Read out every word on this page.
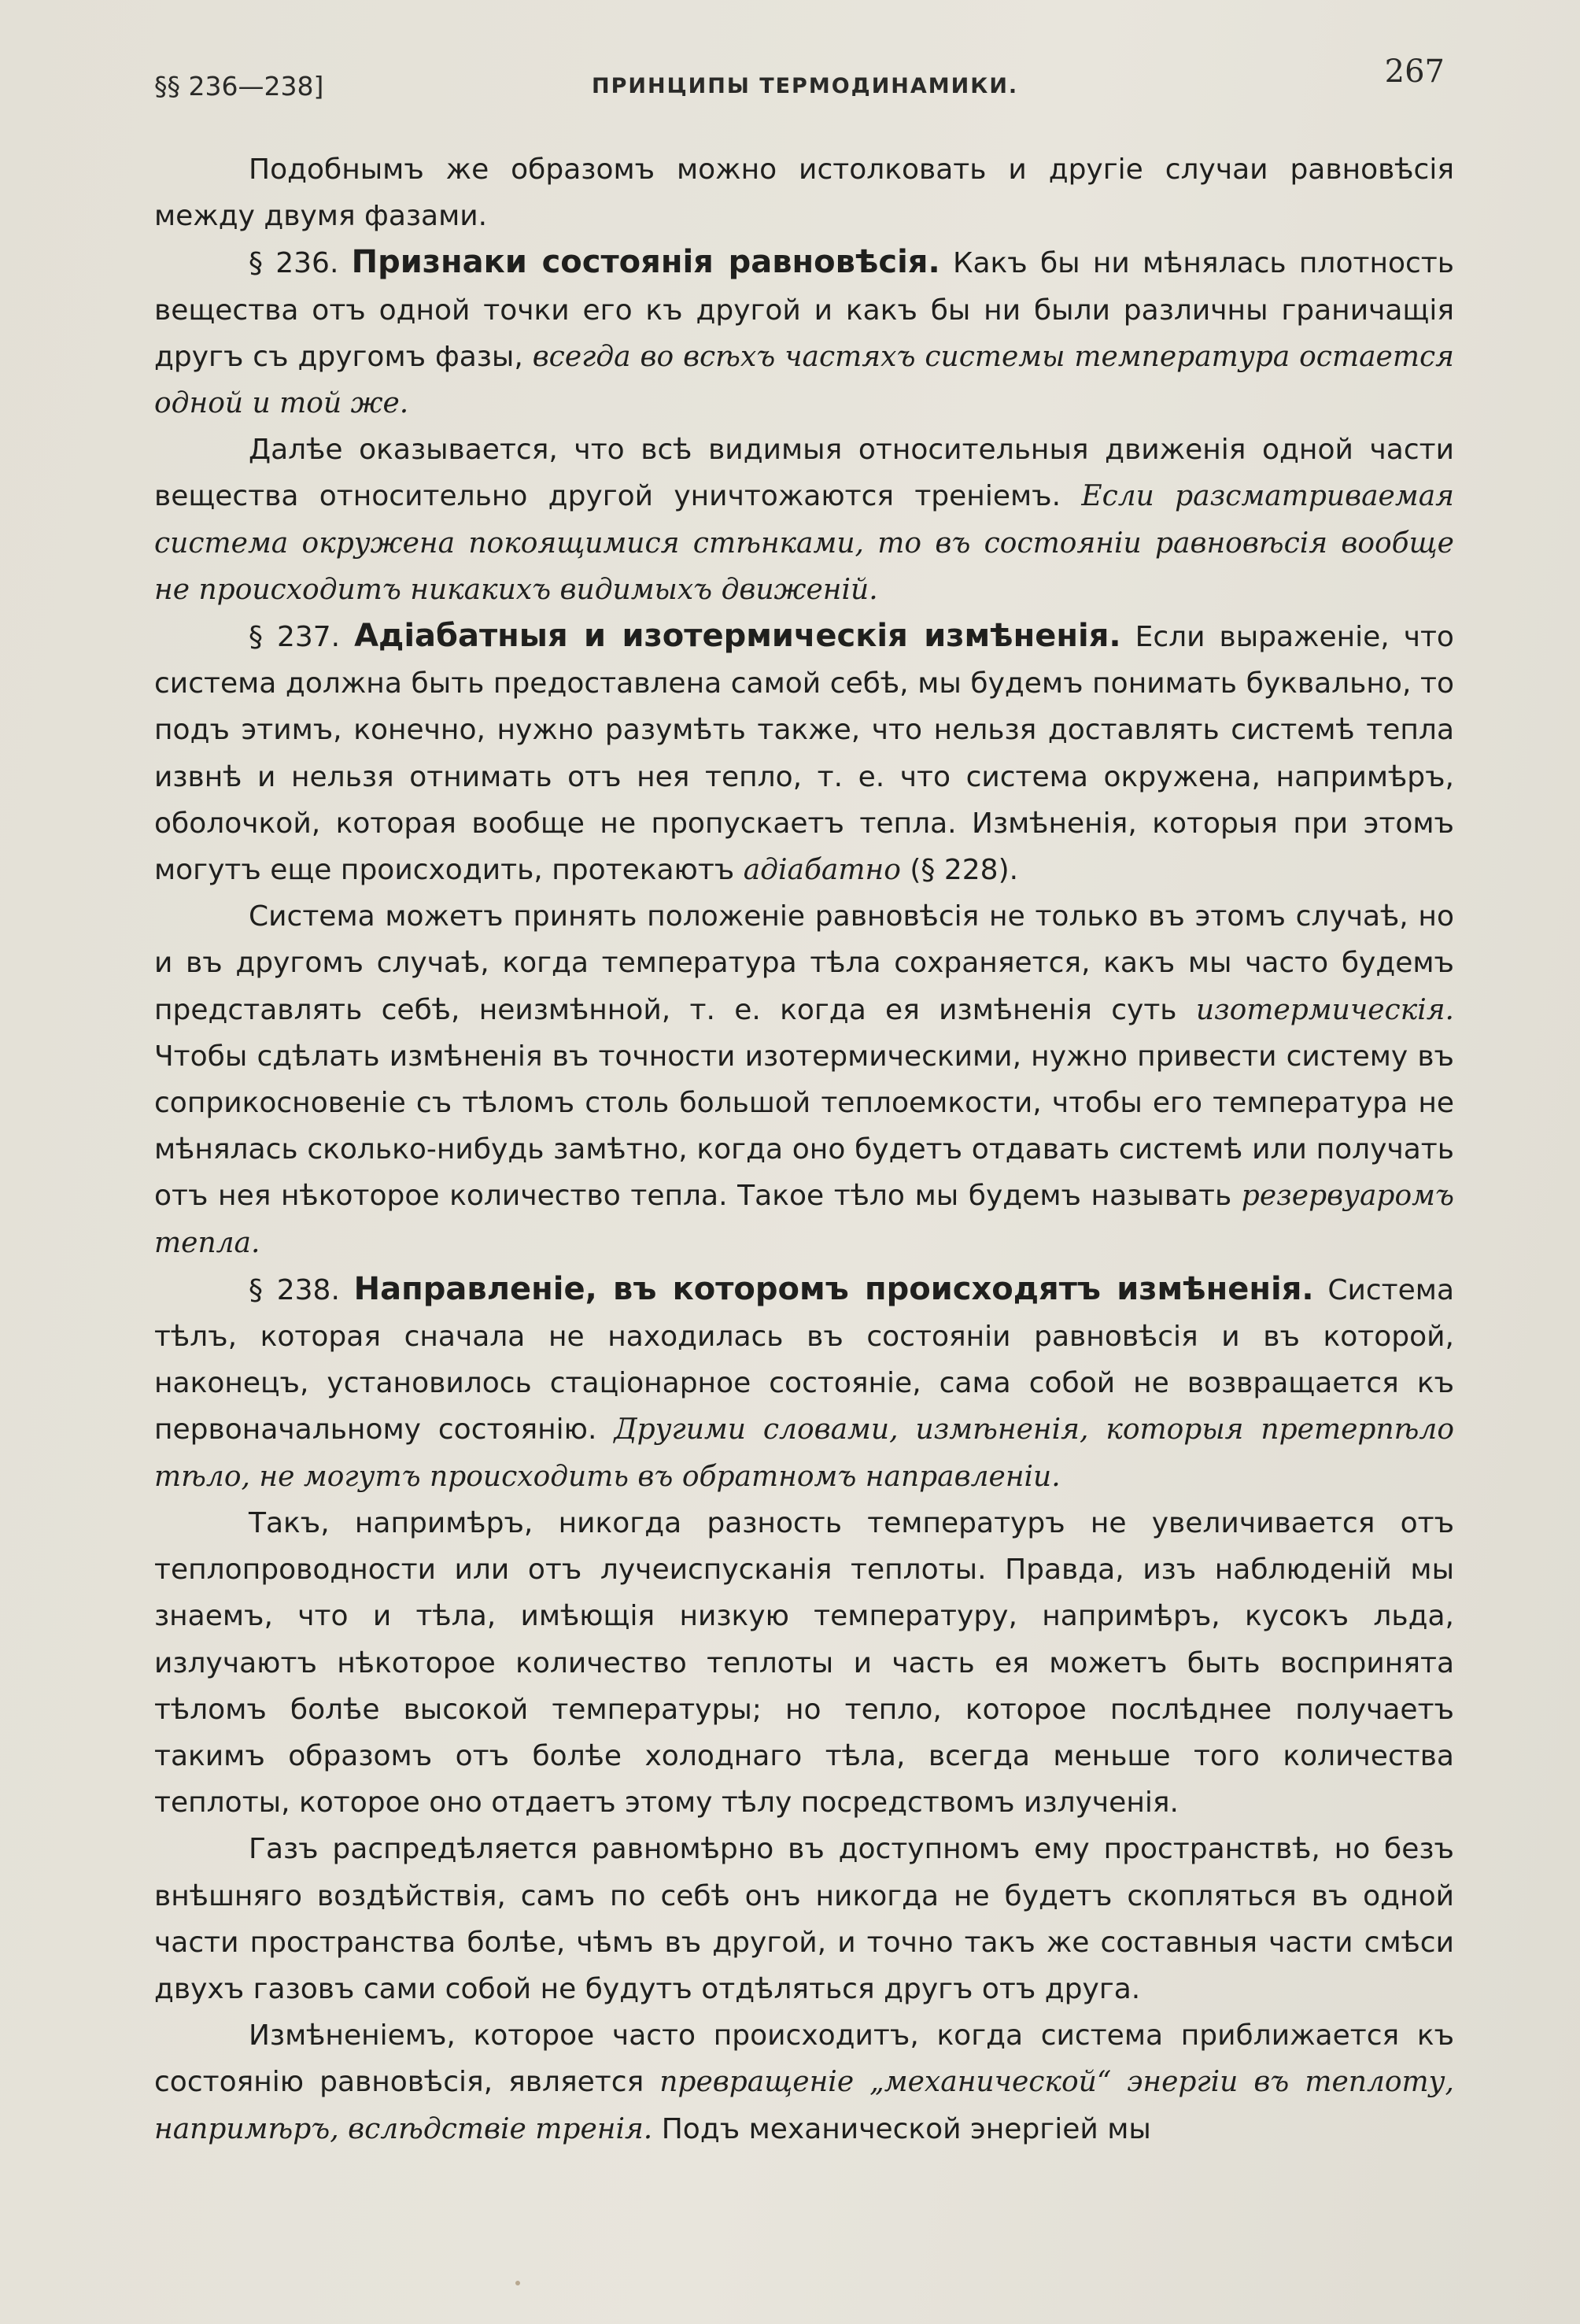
§§ 236—238]	ПРИНЦИПЫ ТЕРМОДИНАМИКИ.	267

Подобнымъ же образомъ можно истолковать и другіе случаи равновѣсія между двумя фазами.

§ 236. Признаки состоянія равновѣсія. Какъ бы ни мѣнялась плотность вещества отъ одной точки его къ другой и какъ бы ни были различны граничащія другъ съ другомъ фазы, всегда во всѣхъ частяхъ системы температура остается одной и той же.

Далѣе оказывается, что всѣ видимыя относительныя движенія одной части вещества относительно другой уничтожаются треніемъ. Если разсматриваемая система окружена покоящимися стѣнками, то въ состояніи равновѣсія вообще не происходитъ никакихъ видимыхъ движеній.

§ 237. Адіабатныя и изотермическія измѣненія. Если выраженіе, что система должна быть предоставлена самой себѣ, мы будемъ понимать буквально, то подъ этимъ, конечно, нужно разумѣть также, что нельзя доставлять системѣ тепла извнѣ и нельзя отнимать отъ нея тепло, т. е. что система окружена, напримѣръ, оболочкой, которая вообще не пропускаетъ тепла. Измѣненія, которыя при этомъ могутъ еще происходить, протекаютъ адіабатно (§ 228).

Система можетъ принять положеніе равновѣсія не только въ этомъ случаѣ, но и въ другомъ случаѣ, когда температура тѣла сохраняется, какъ мы часто будемъ представлять себѣ, неизмѣнной, т. е. когда ея измѣненія суть изотермическія. Чтобы сдѣлать измѣненія въ точности изотермическими, нужно привести систему въ соприкосновеніе съ тѣломъ столь большой теплоемкости, чтобы его температура не мѣнялась сколько-нибудь замѣтно, когда оно будетъ отдавать системѣ или получать отъ нея нѣкоторое количество тепла. Такое тѣло мы будемъ называть резервуаромъ тепла.

§ 238. Направленіе, въ которомъ происходятъ измѣненія. Система тѣлъ, которая сначала не находилась въ состояніи равновѣсія и въ которой, наконецъ, установилось стаціонарное состояніе, сама собой не возвращается къ первоначальному состоянію. Другими словами, измѣненія, которыя претерпѣло тѣло, не могутъ происходить въ обратномъ направленіи.

Такъ, напримѣръ, никогда разность температуръ не увеличивается отъ теплопроводности или отъ лучеиспусканія теплоты. Правда, изъ наблюденій мы знаемъ, что и тѣла, имѣющія низкую температуру, напримѣръ, кусокъ льда, излучаютъ нѣкоторое количество теплоты и часть ея можетъ быть воспринята тѣломъ болѣе высокой температуры; но тепло, которое послѣднее получаетъ такимъ образомъ отъ болѣе холоднаго тѣла, всегда меньше того количества теплоты, которое оно отдаетъ этому тѣлу посредствомъ излученія.

Газъ распредѣляется равномѣрно въ доступномъ ему пространствѣ, но безъ внѣшняго воздѣйствія, самъ по себѣ онъ никогда не будетъ скопляться въ одной части пространства болѣе, чѣмъ въ другой, и точно такъ же составныя части смѣси двухъ газовъ сами собой не будутъ отдѣляться другъ отъ друга.

Измѣненіемъ, которое часто происходитъ, когда система приближается къ состоянію равновѣсія, является превращеніе „механической“ энергіи въ теплоту, напримѣръ, вслѣдствіе тренія. Подъ механической энергіей мы
